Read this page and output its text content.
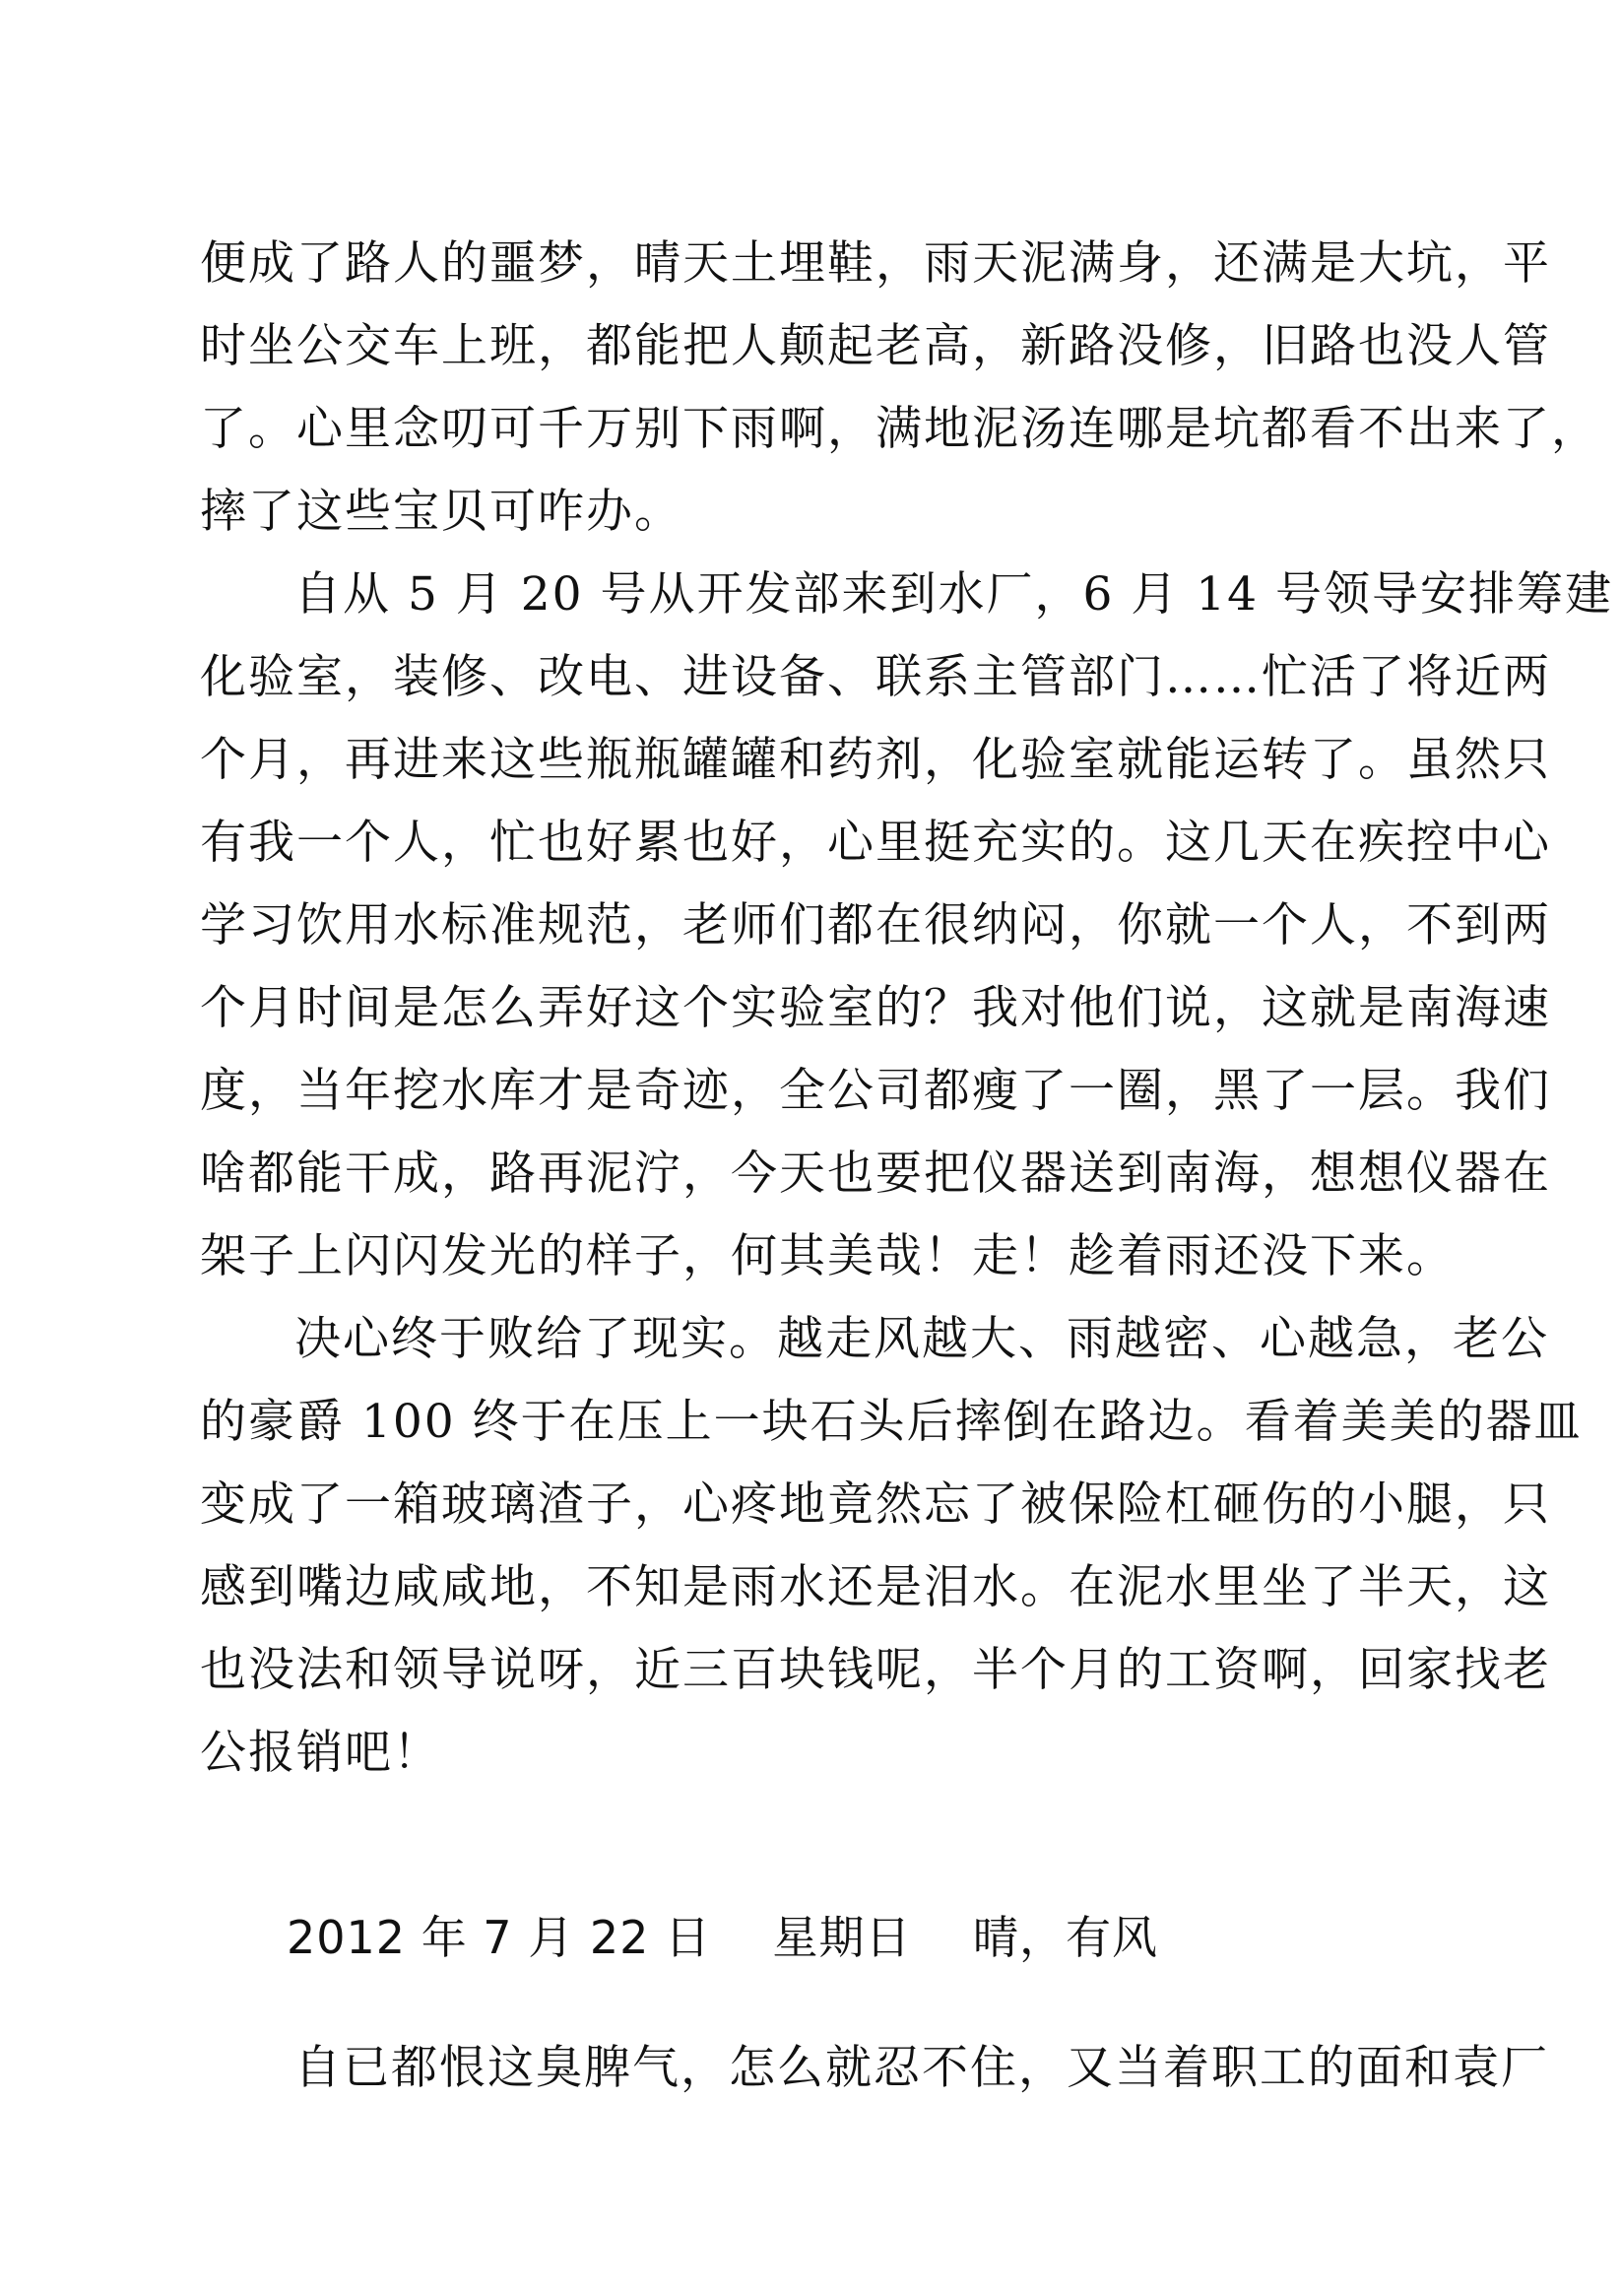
便成了路人的噩梦，晴天土埋鞋，雨天泥满身，还满是大坑，平
时坐公交车上班，都能把人颠起老高，新路没修，旧路也没人管
了。心里念叨可千万别下雨啊，满地泥汤连哪是坑都看不出来了，
摔了这些宝贝可咋办。
自从 5 月 20 号从开发部来到水厂，6 月 14 号领导安排筹建
化验室，装修、改电、进设备、联系主管部门……忙活了将近两
个月，再进来这些瓶瓶罐罐和药剂，化验室就能运转了。虽然只
有我一个人，忙也好累也好，心里挺充实的。这几天在疾控中心
学习饮用水标准规范，老师们都在很纳闷，你就一个人，不到两
个月时间是怎么弄好这个实验室的？我对他们说，这就是南海速
度，当年挖水库才是奇迹，全公司都瘦了一圈，黑了一层。我们
啥都能干成，路再泥泞，今天也要把仪器送到南海，想想仪器在
架子上闪闪发光的样子，何其美哉！走！趁着雨还没下来。
决心终于败给了现实。越走风越大、雨越密、心越急，老公
的豪爵 100 终于在压上一块石头后摔倒在路边。看着美美的器皿
变成了一箱玻璃渣子，心疼地竟然忘了被保险杠砸伤的小腿，只
感到嘴边咸咸地，不知是雨水还是泪水。在泥水里坐了半天，这
也没法和领导说呀，近三百块钱呢，半个月的工资啊，回家找老
公报销吧！
2012 年 7 月 22 日    星期日    晴，有风
自已都恨这臭脾气，怎么就忍不住，又当着职工的面和袁厂
